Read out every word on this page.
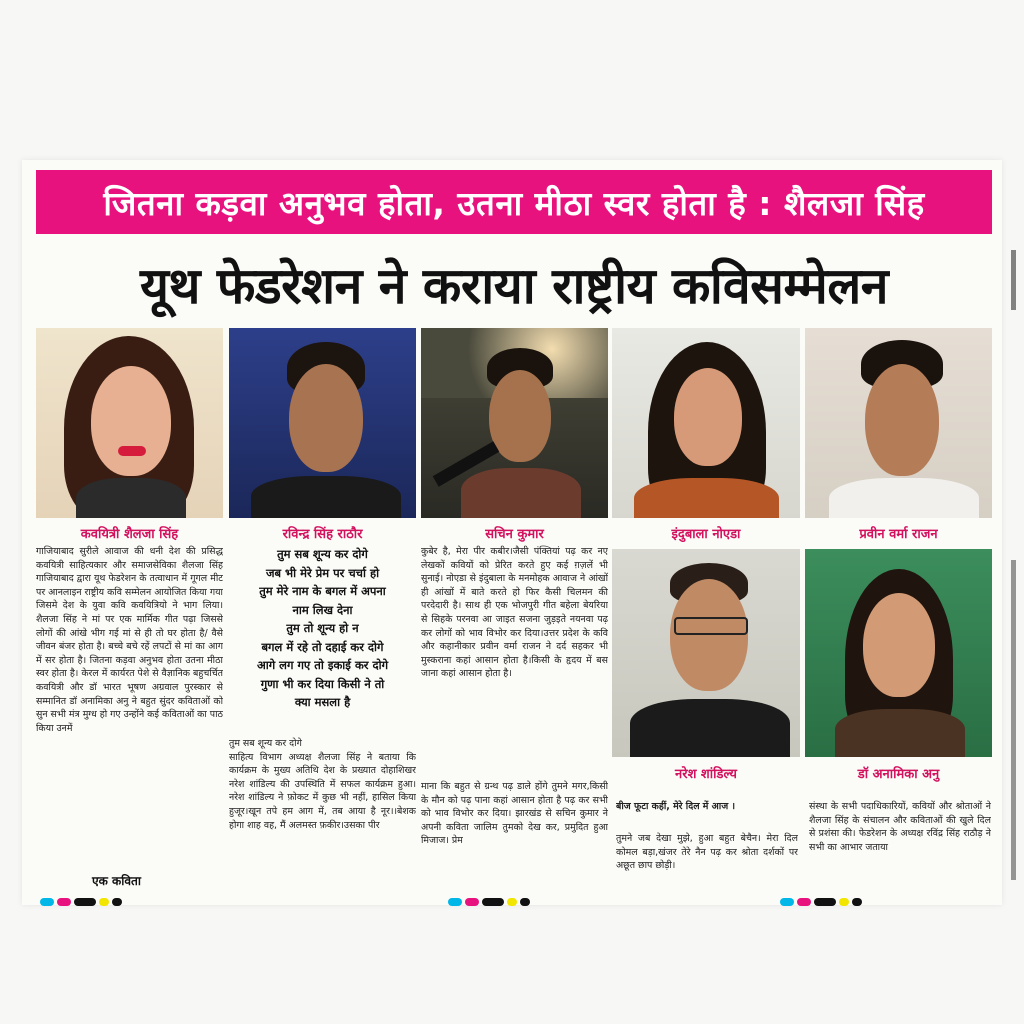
जितना कड़वा अनुभव होता, उतना मीठा स्वर होता है : शैलजा सिंह
यूथ फेडरेशन ने कराया राष्ट्रीय कविसम्मेलन
कवयित्री शैलजा सिंह	रविन्द्र सिंह राठौर	सचिन कुमार	इंदुबाला नोएडा	प्रवीन वर्मा राजन
नरेश शांडिल्य	डॉ अनामिका अनु
गाजियाबाद सुरीले आवाज की धनी देश की प्रसिद्ध कवयित्री साहित्यकार और समाजसेविका शैलजा सिंह गाजियाबाद द्वारा यूथ फेडरेशन के तत्वाधान में गूगल मीट पर आनलाइन राष्ट्रीय कवि सम्मेलन आयोजित किया गया जिसमे देश के युवा कवि कवयित्रियो ने भाग लिया। शैलजा सिंह ने मां पर एक मार्मिक गीत पढ़ा जिससे लोगों की आंखे भीग गई मां से ही तो घर होता है/ वैसे जीवन बंजर होता है। बच्चे बचे रहें लपटों से मां का आग में सर होता है। जितना कड़वा अनुभव होता उतना मीठा स्वर होता है। केरल में कार्यरत पेशे से वैज्ञानिक बहुचर्चित कवयित्री और डॉ भारत भूषण अग्रवाल पुरस्कार से सम्मानित डॉ अनामिका अनु ने बहुत सुंदर कविताओं को सुन सभी मंत्र मुग्ध हो गए उन्होंने कई कविताओं का पाठ किया उनमें
एक कविता
तुम सब शून्य कर दोगे
जब भी मेरे प्रेम पर चर्चा हो
तुम मेरे नाम के बगल में अपना
नाम लिख देना
तुम तो शून्य हो न
बगल में रहे तो दहाई कर दोगे
आगे लग गए तो इकाई कर दोगे
गुणा भी कर दिया किसी ने तो
क्या मसला है
तुम सब शून्य कर दोगे
साहित्य विभाग अध्यक्ष शैलजा सिंह ने बताया कि कार्यक्रम के मुख्य अतिथि देश के प्रख्यात दोहाशिखर नरेश शांडिल्य की उपस्थिति में सफल कार्यक्रम हुआ। नरेश शांडिल्य ने फ़ोकट में कुछ भी नहीं, हासिल किया हुजूर।खून तपे हम आग में, तब आया है नूर।।बेशक होगा शाह वह, मैं अलमस्त फ़कीर।उसका पीर
कुबेर है, मेरा पीर कबीर।जैसी पंक्तियां पढ़ कर नए लेखकों कवियों को प्रेरित करते हुए कई ग़ज़लें भी सुनाई। नोएडा से इंदुबाला के मनमोहक आवाज ने आंखों ही आंखों में बाते करते हो फिर कैसी चिलमन की परदेदारी है। साथ ही एक भोजपुरी गीत बहेला बेयरिया से सिहके परनवा आ जाइत सजना जुड़इते नयनवा पढ़ कर लोगों को भाव विभोर कर दिया।उत्तर प्रदेश के कवि और कहानीकार प्रवीन वर्मा राजन ने दर्द सहकर भी मुस्कराना कहां आसान होता है।किसी के हृदय में बस जाना कहां आसान होता है।
माना कि बहुत से ग्रन्थ पढ़ डाले होंगे तुमने मगर,किसी के मौन को पढ़ पाना कहां आसान होता है पढ़ कर सभी को भाव विभोर कर दिया। झारखंड से सचिन कुमार ने अपनी कविता जालिम तुमको देख कर, प्रमुदित हुआ मिजाज। प्रेम
बीज फूटा कहीं, मेरे दिल में आज ।
तुमने जब देखा मुझे, हुआ बहुत बेचैन। मेरा दिल कोमल बड़ा,खंजर तेरे नैन पढ़ कर श्रोता दर्शकों पर अछूत छाप छोड़ी।
संस्था के सभी पदाधिकारियों, कवियों और श्रोताओं ने शैलजा सिंह के संचालन और कविताओं की खुले दिल से प्रशंसा की। फेडरेशन के अध्यक्ष रविंद्र सिंह राठौड़ ने सभी का आभार जताया
